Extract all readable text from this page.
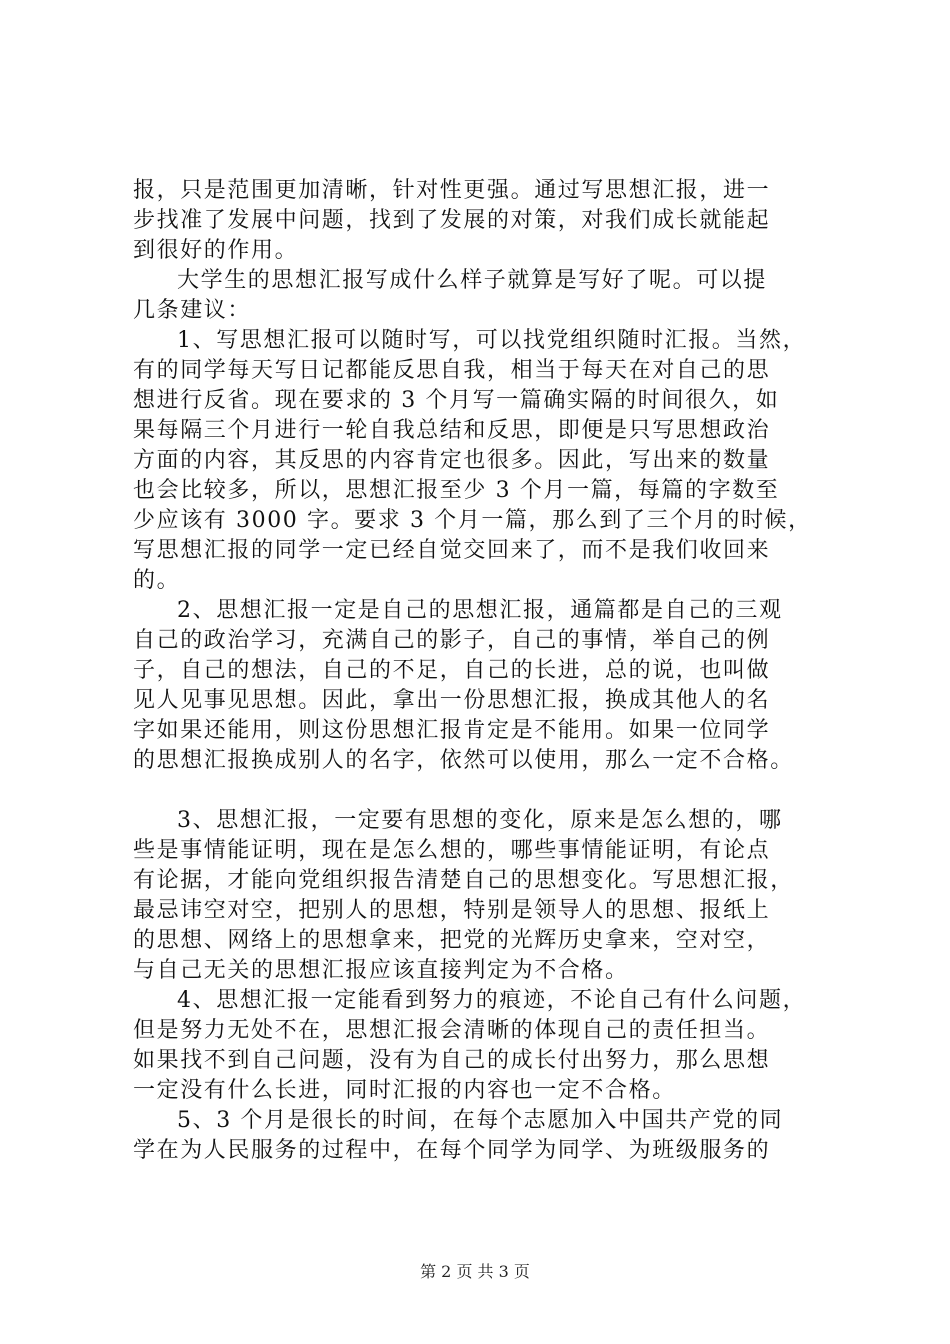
报，只是范围更加清晰，针对性更强。通过写思想汇报，进一
步找准了发展中问题，找到了发展的对策，对我们成长就能起
到很好的作用。
大学生的思想汇报写成什么样子就算是写好了呢。可以提
几条建议：
1、写思想汇报可以随时写，可以找党组织随时汇报。当然，
有的同学每天写日记都能反思自我，相当于每天在对自己的思
想进行反省。现在要求的 3 个月写一篇确实隔的时间很久，如
果每隔三个月进行一轮自我总结和反思，即便是只写思想政治
方面的内容，其反思的内容肯定也很多。因此，写出来的数量
也会比较多，所以，思想汇报至少 3 个月一篇，每篇的字数至
少应该有 3000 字。要求 3 个月一篇，那么到了三个月的时候，
写思想汇报的同学一定已经自觉交回来了，而不是我们收回来
的。
2、思想汇报一定是自己的思想汇报，通篇都是自己的三观
自己的政治学习，充满自己的影子，自己的事情，举自己的例
子，自己的想法，自己的不足，自己的长进，总的说，也叫做
见人见事见思想。因此，拿出一份思想汇报，换成其他人的名
字如果还能用，则这份思想汇报肯定是不能用。如果一位同学
的思想汇报换成别人的名字，依然可以使用，那么一定不合格。
3、思想汇报，一定要有思想的变化，原来是怎么想的，哪
些是事情能证明，现在是怎么想的，哪些事情能证明，有论点
有论据，才能向党组织报告清楚自己的思想变化。写思想汇报，
最忌讳空对空，把别人的思想，特别是领导人的思想、报纸上
的思想、网络上的思想拿来，把党的光辉历史拿来，空对空，
与自己无关的思想汇报应该直接判定为不合格。
4、思想汇报一定能看到努力的痕迹，不论自己有什么问题，
但是努力无处不在，思想汇报会清晰的体现自己的责任担当。
如果找不到自己问题，没有为自己的成长付出努力，那么思想
一定没有什么长进，同时汇报的内容也一定不合格。
5、3 个月是很长的时间，在每个志愿加入中国共产党的同
学在为人民服务的过程中，在每个同学为同学、为班级服务的
第 2 页 共 3 页
